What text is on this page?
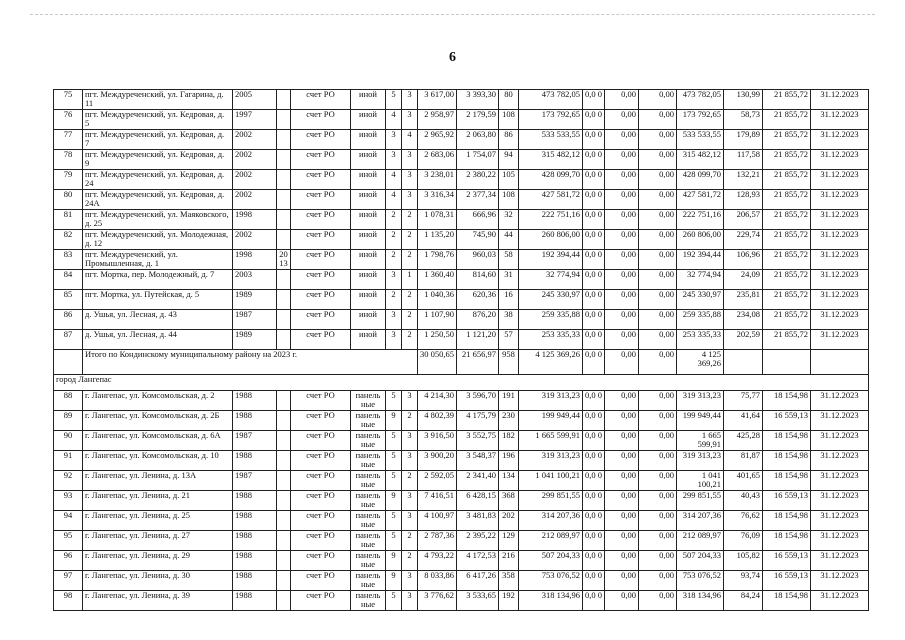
6
75	пгт. Междуреченский, ул. Гагарина, д. 11	2005		счет РО	иной	5	3	3 617,00	3 393,30	80	473 782,05	0,0 0	0,00	0,00	473 782,05	130,99	21 855,72	31.12.2023
76	пгт. Междуреченский, ул. Кедровая, д. 5	1997		счет РО	иной	4	3	2 958,97	2 179,59	108	173 792,65	0,0 0	0,00	0,00	173 792,65	58,73	21 855,72	31.12.2023
77	пгт. Междуреченский, ул. Кедровая, д. 7	2002		счет РО	иной	3	4	2 965,92	2 063,80	86	533 533,55	0,0 0	0,00	0,00	533 533,55	179,89	21 855,72	31.12.2023
78	пгт. Междуреченский, ул. Кедровая, д. 9	2002		счет РО	иной	3	3	2 683,06	1 754,07	94	315 482,12	0,0 0	0,00	0,00	315 482,12	117,58	21 855,72	31.12.2023
79	пгт. Междуреченский, ул. Кедровая, д. 24	2002		счет РО	иной	4	3	3 238,01	2 380,22	105	428 099,70	0,0 0	0,00	0,00	428 099,70	132,21	21 855,72	31.12.2023
80	пгт. Междуреченский, ул. Кедровая, д. 24А	2002		счет РО	иной	4	3	3 316,34	2 377,34	108	427 581,72	0,0 0	0,00	0,00	427 581,72	128,93	21 855,72	31.12.2023
81	пгт. Междуреченский, ул. Маяковского, д. 25	1998		счет РО	иной	2	2	1 078,31	666,96	32	222 751,16	0,0 0	0,00	0,00	222 751,16	206,57	21 855,72	31.12.2023
82	пгт. Междуреченский, ул. Молодежная, д. 12	2002		счет РО	иной	2	2	1 135,20	745,90	44	260 806,00	0,0 0	0,00	0,00	260 806,00	229,74	21 855,72	31.12.2023
83	пгт. Междуреченский, ул. Промышленная, д. 1	1998	20 13	счет РО	иной	2	2	1 798,76	960,03	58	192 394,44	0,0 0	0,00	0,00	192 394,44	106,96	21 855,72	31.12.2023
84	пгт. Мортка, пер. Молодежный, д. 7	2003		счет РО	иной	3	1	1 360,40	814,60	31	32 774,94	0,0 0	0,00	0,00	32 774,94	24,09	21 855,72	31.12.2023
85	пгт. Мортка, ул. Путейская, д. 5	1989		счет РО	иной	2	2	1 040,36	620,36	16	245 330,97	0,0 0	0,00	0,00	245 330,97	235,81	21 855,72	31.12.2023
86	д. Ушья, ул. Лесная, д. 43	1987		счет РО	иной	3	2	1 107,90	876,20	38	259 335,88	0,0 0	0,00	0,00	259 335,88	234,08	21 855,72	31.12.2023
87	д. Ушья, ул. Лесная, д. 44	1989		счет РО	иной	3	2	1 250,50	1 121,20	57	253 335,33	0,0 0	0,00	0,00	253 335,33	202,59	21 855,72	31.12.2023
	Итого по Кондинскому муниципальному району на 2023 г.							30 050,65	21 656,97	958	4 125 369,26	0,0 0	0,00	0,00	4 125 369,26			
город Лангепас																		
88	г. Лангепас, ул. Комсомольская, д. 2	1988		счет РО	панель ные	5	3	4 214,30	3 596,70	191	319 313,23	0,0 0	0,00	0,00	319 313,23	75,77	18 154,98	31.12.2023
89	г. Лангепас, ул. Комсомольская, д. 2Б	1988		счет РО	панель ные	9	2	4 802,39	4 175,79	230	199 949,44	0,0 0	0,00	0,00	199 949,44	41,64	16 559,13	31.12.2023
90	г. Лангепас, ул. Комсомольская, д. 6А	1987		счет РО	панель ные	5	3	3 916,50	3 552,75	182	1 665 599,91	0,0 0	0,00	0,00	1 665 599,91	425,28	18 154,98	31.12.2023
91	г. Лангепас, ул. Комсомольская, д. 10	1988		счет РО	панель ные	5	3	3 900,20	3 548,37	196	319 313,23	0,0 0	0,00	0,00	319 313,23	81,87	18 154,98	31.12.2023
92	г. Лангепас, ул. Ленина, д. 13А	1987		счет РО	панель ные	5	2	2 592,05	2 341,40	134	1 041 100,21	0,0 0	0,00	0,00	1 041 100,21	401,65	18 154,98	31.12.2023
93	г. Лангепас, ул. Ленина, д. 21	1988		счет РО	панель ные	9	3	7 416,51	6 428,15	368	299 851,55	0,0 0	0,00	0,00	299 851,55	40,43	16 559,13	31.12.2023
94	г. Лангепас, ул. Ленина, д. 25	1988		счет РО	панель ные	5	3	4 100,97	3 481,83	202	314 207,36	0,0 0	0,00	0,00	314 207,36	76,62	18 154,98	31.12.2023
95	г. Лангепас, ул. Ленина, д. 27	1988		счет РО	панель ные	5	2	2 787,36	2 395,22	129	212 089,97	0,0 0	0,00	0,00	212 089,97	76,09	18 154,98	31.12.2023
96	г. Лангепас, ул. Ленина, д. 29	1988		счет РО	панель ные	9	2	4 793,22	4 172,53	216	507 204,33	0,0 0	0,00	0,00	507 204,33	105,82	16 559,13	31.12.2023
97	г. Лангепас, ул. Ленина, д. 30	1988		счет РО	панель ные	9	3	8 033,86	6 417,26	358	753 076,52	0,0 0	0,00	0,00	753 076,52	93,74	16 559,13	31.12.2023
98	г. Лангепас, ул. Ленина, д. 39	1988		счет РО	панель ные	5	3	3 776,62	3 533,65	192	318 134,96	0,0 0	0,00	0,00	318 134,96	84,24	18 154,98	31.12.2023
